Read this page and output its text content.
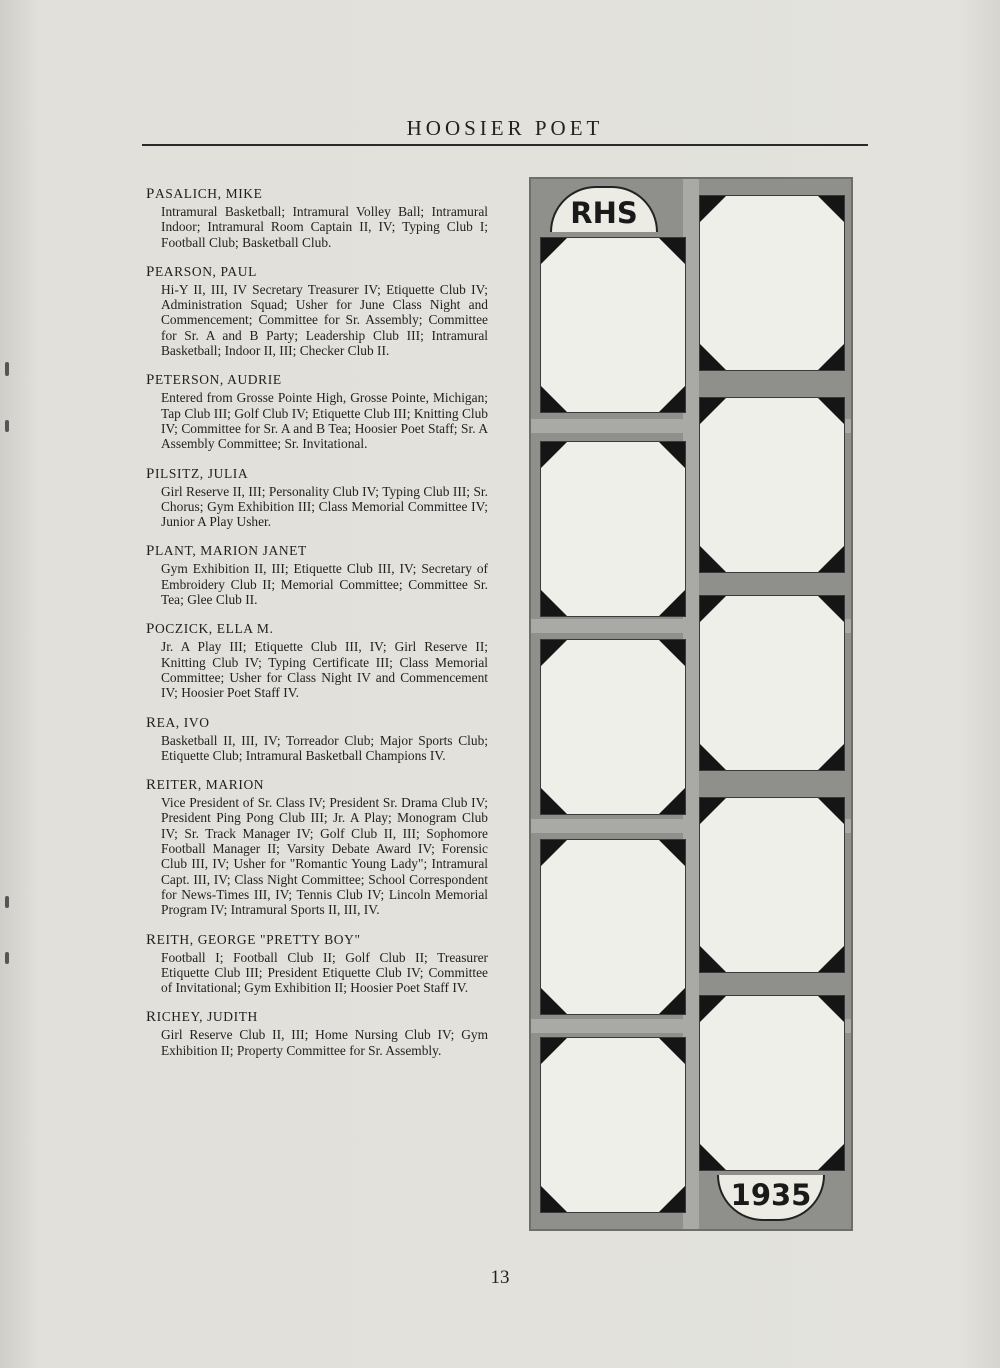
HOOSIER POET
PASALICH, MIKE
Intramural Basketball; Intramural Volley Ball; Intramural Indoor; Intramural Room Captain II, IV; Typing Club I; Football Club; Basketball Club.
PEARSON, PAUL
Hi-Y II, III, IV Secretary Treasurer IV; Etiquette Club IV; Administration Squad; Usher for June Class Night and Commencement; Committee for Sr. Assembly; Committee for Sr. A and B Party; Leadership Club III; Intramural Basketball; Indoor II, III; Checker Club II.
PETERSON, AUDRIE
Entered from Grosse Pointe High, Grosse Pointe, Michigan; Tap Club III; Golf Club IV; Etiquette Club III; Knitting Club IV; Committee for Sr. A and B Tea; Hoosier Poet Staff; Sr. A Assembly Committee; Sr. Invitational.
PILSITZ, JULIA
Girl Reserve II, III; Personality Club IV; Typing Club III; Sr. Chorus; Gym Exhibition III; Class Memorial Committee IV; Junior A Play Usher.
PLANT, MARION JANET
Gym Exhibition II, III; Etiquette Club III, IV; Secretary of Embroidery Club II; Memorial Committee; Committee Sr. Tea; Glee Club II.
POCZICK, ELLA M.
Jr. A Play III; Etiquette Club III, IV; Girl Reserve II; Knitting Club IV; Typing Certificate III; Class Memorial Committee; Usher for Class Night IV and Commencement IV; Hoosier Poet Staff IV.
REA, IVO
Basketball II, III, IV; Torreador Club; Major Sports Club; Etiquette Club; Intramural Basketball Champions IV.
REITER, MARION
Vice President of Sr. Class IV; President Sr. Drama Club IV; President Ping Pong Club III; Jr. A Play; Monogram Club IV; Sr. Track Manager IV; Golf Club II, III; Sophomore Football Manager II; Varsity Debate Award IV; Forensic Club III, IV; Usher for "Romantic Young Lady"; Intramural Capt. III, IV; Class Night Committee; School Correspondent for News-Times III, IV; Tennis Club IV; Lincoln Memorial Program IV; Intramural Sports II, III, IV.
REITH, GEORGE "PRETTY BOY"
Football I; Football Club II; Golf Club II; Treasurer Etiquette Club III; President Etiquette Club IV; Committee of Invitational; Gym Exhibition II; Hoosier Poet Staff IV.
RICHEY, JUDITH
Girl Reserve Club II, III; Home Nursing Club IV; Gym Exhibition II; Property Committee for Sr. Assembly.
RHS
1935
13
